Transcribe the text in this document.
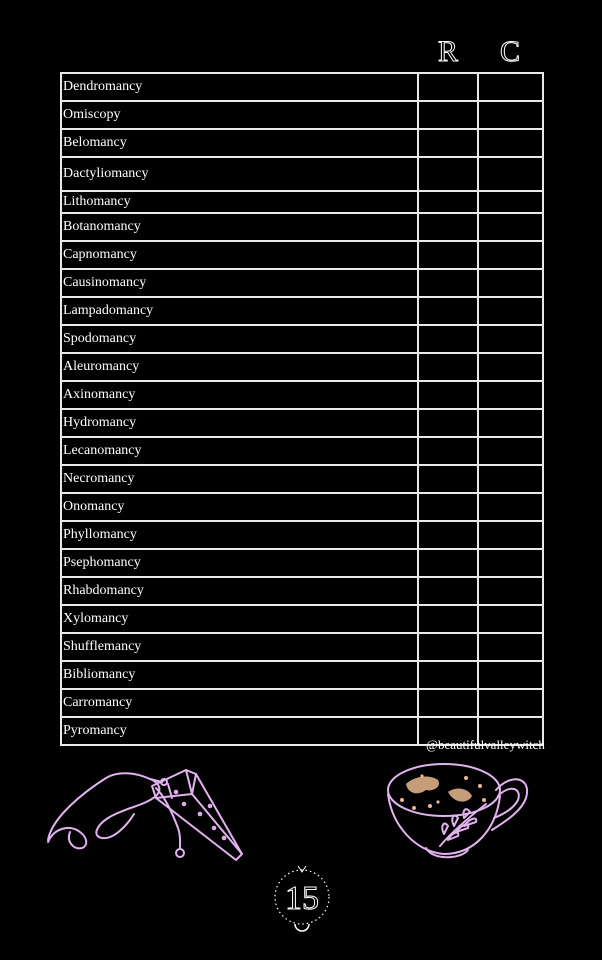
R C
Dendromancy		
Omiscopy		
Belomancy		
Dactyliomancy		
Lithomancy		
Botanomancy		
Capnomancy		
Causinomancy		
Lampadomancy		
Spodomancy		
Aleuromancy		
Axinomancy		
Hydromancy		
Lecanomancy		
Necromancy		
Onomancy		
Phyllomancy		
Psephomancy		
Rhabdomancy		
Xylomancy		
Shufflemancy		
Bibliomancy		
Carromancy		
Pyromancy		
@beautifulvalleywitch
15
